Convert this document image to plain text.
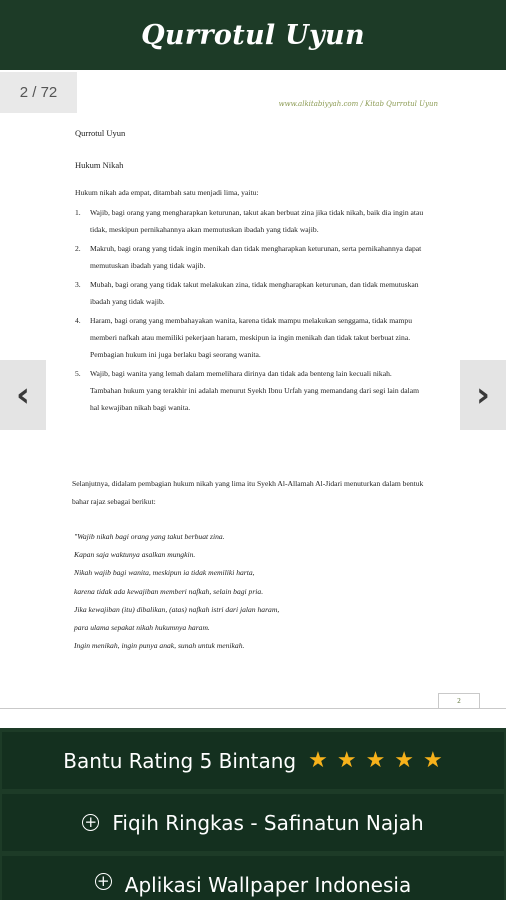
Qurrotul Uyun
2 / 72
www.alkitabiyyah.com / Kitab Qurrotul Uyun
Qurrotul Uyun
Hukum Nikah
Hukum nikah ada empat, ditambah satu menjadi lima, yaitu:
1. Wajib, bagi orang yang mengharapkan keturunan, takut akan berbuat zina jika tidak nikah, baik dia ingin atau tidak, meskipun pernikahannya akan memutuskan ibadah yang tidak wajib.
2. Makruh, bagi orang yang tidak ingin menikah dan tidak mengharapkan keturunan, serta pernikahannya dapat memutuskan ibadah yang tidak wajib.
3. Mubah, bagi orang yang tidak takut melakukan zina, tidak mengharapkan keturunan, dan tidak memutuskan ibadah yang tidak wajib.
4. Haram, bagi orang yang membahayakan wanita, karena tidak mampu melakukan senggama, tidak mampu memberi nafkah atau memiliki pekerjaan haram, meskipun ia ingin menikah dan tidak takut berbuat zina. Pembagian hukum ini juga berlaku bagi seorang wanita.
5. Wajib, bagi wanita yang lemah dalam memelihara dirinya dan tidak ada benteng lain kecuali nikah. Tambahan hukum yang terakhir ini adalah menurut Syekh Ibnu Urfah yang memandang dari segi lain dalam hal kewajiban nikah bagi wanita.
Selanjutnya, didalam pembagian hukum nikah yang lima itu Syekh Al-Allamah Al-Jidari menuturkan dalam bentuk bahar rajaz sebagai berikut:
"Wajib nikah bagi orang yang takut berbuat zina.
Kapan saja waktunya asalkan mungkin.
Nikah wajib bagi wanita, meskipun ia tidak memiliki harta,
karena tidak ada kewajiban memberi nafkah, selain bagi pria.
Jika kewajiban (itu) dibalikan, (atas) nafkah istri dari jalan haram,
para ulama sepakat nikah hukumnya haram.
Ingin menikah, ingin punya anak, sunah untuk menikah.
2
‹	›
Bantu Rating 5 Bintang ★ ★ ★ ★ ★
+ Fiqih Ringkas - Safinatun Najah
+ Aplikasi Wallpaper Indonesia
